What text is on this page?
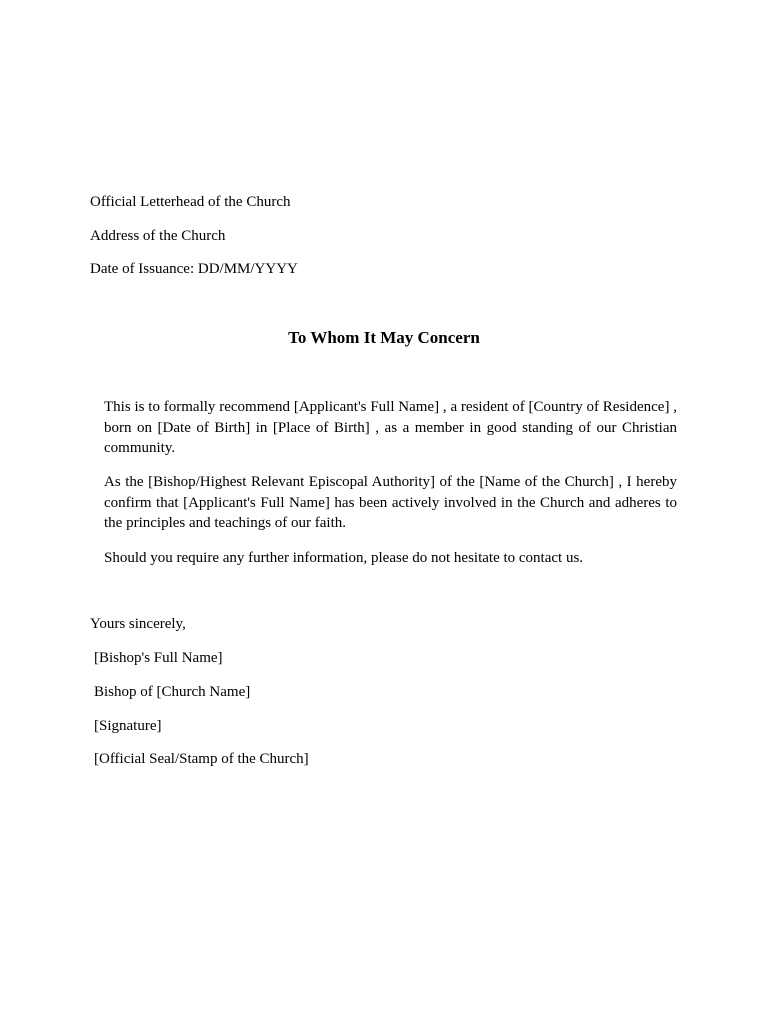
Official Letterhead of the Church
Address of the Church
Date of Issuance: DD/MM/YYYY
To Whom It May Concern

This is to formally recommend [Applicant's Full Name] , a resident of [Country of Residence] , born on [Date of Birth] in [Place of Birth] , as a member in good standing of our Christian community.

As the [Bishop/Highest Relevant Episcopal Authority] of the [Name of the Church] , I hereby confirm that [Applicant's Full Name] has been actively involved in the Church and adheres to the principles and teachings of our faith.

Should you require any further information, please do not hesitate to contact us.

Yours sincerely,
[Bishop's Full Name]
Bishop of [Church Name]
[Signature]
[Official Seal/Stamp of the Church]
